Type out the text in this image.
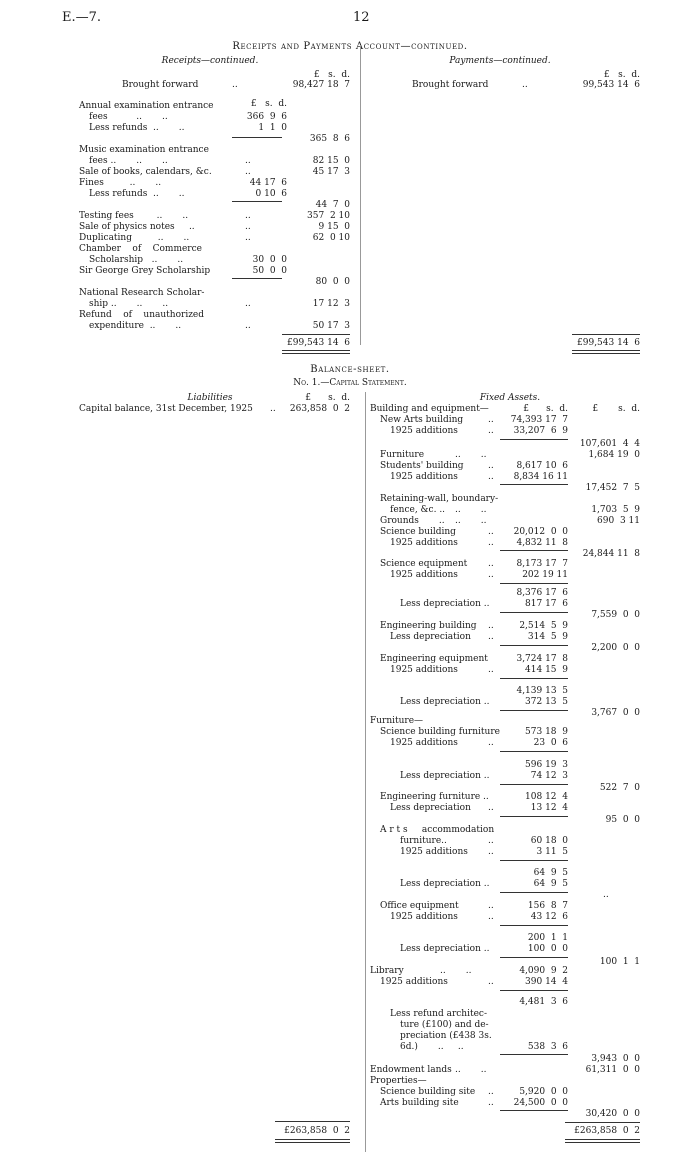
E.—7.	12
Receipts and Payments Account—continued.
Receipts—continued.	Payments—continued.
£   s.  d.
Brought forward	..	98,427 18  7
£   s.  d.
Annual examination entrance
fees          ..       ..	366  9  6
Less refunds  ..       ..	1  1  0
365  8  6
Music examination entrance
fees ..       ..       ..	..	82 15  0
Sale of books, calendars, &c.	..	45 17  3
Fines         ..       ..	44 17  6
Less refunds  ..       ..	0 10  6
44  7  0
Testing fees        ..       ..	..	357  2 10
Sale of physics notes     ..	..	9 15  0
Duplicating         ..       ..	..	62  0 10
Chamber    of    Commerce
Scholarship   ..       ..	30  0  0
Sir George Grey Scholarship	50  0  0
80  0  0
National Research Scholar-
ship ..       ..       ..	..	17 12  3
Refund    of    unauthorized
expenditure  ..       ..	..	50 17  3
£99,543 14  6
£   s.  d.
Brought forward	..	99,543 14  6
£99,543 14  6
Balance-sheet.
No. 1.—Capital Statement.
Liabilities	£      s.  d.
Capital balance, 31st December, 1925 ..	263,858  0  2
£263,858  0  2
Fixed Assets.
£      s.  d.	£       s.  d.
Building and equipment—
New Arts building	..	74,393 17  7
1925 additions	..	33,207  6  9
107,601  4  4
Furniture	..       ..	1,684 19  0
Students' building	..	8,617 10  6
1925 additions	..	8,834 16 11
17,452  7  5
Retaining-wall, boundary-
fence, &c. .. ..       ..	1,703  5  9
Grounds       .. ..       ..	690  3 11
Science building	..	20,012  0  0
1925 additions	..	4,832 11  8
24,844 11  8
Science equipment ..	8,173 17  7
1925 additions	..	202 19 11
8,376 17  6
Less depreciation ..	817 17  6
7,559  0  0
Engineering building ..	2,514  5  9
Less depreciation ..	314  5  9
2,200  0  0
Engineering equipment	3,724 17  8
1925 additions	..	414 15  9
4,139 13  5
Less depreciation ..	372 13  5
3,767  0  0
Furniture—
Science building furniture	573 18  9
1925 additions	..	23  0  6
596 19  3
Less depreciation ..	74 12  3
522  7  0
Engineering furniture ..	108 12  4
Less depreciation ..	13 12  4
95  0  0
A r t s     accommodation
furniture..	..	60 18  0
1925 additions ..	3 11  5
64  9  5
Less depreciation ..	64  9  5
..
Office equipment	..	156  8  7
1925 additions	..	43 12  6
200  1  1
Less depreciation ..	100  0  0
100  1  1
Library	..       ..	4,090  9  2
1925 additions	..	390 14  4
4,481  3  6
Less refund architec-
ture (£100) and de-
preciation (£438 3s.
6d.)       ..     ..	538  3  6
3,943  0  0
Endowment lands ..       ..	61,311  0  0
Properties—
Science building site ..	5,920  0  0
Arts building site	..	24,500  0  0
30,420  0  0
£263,858  0  2
